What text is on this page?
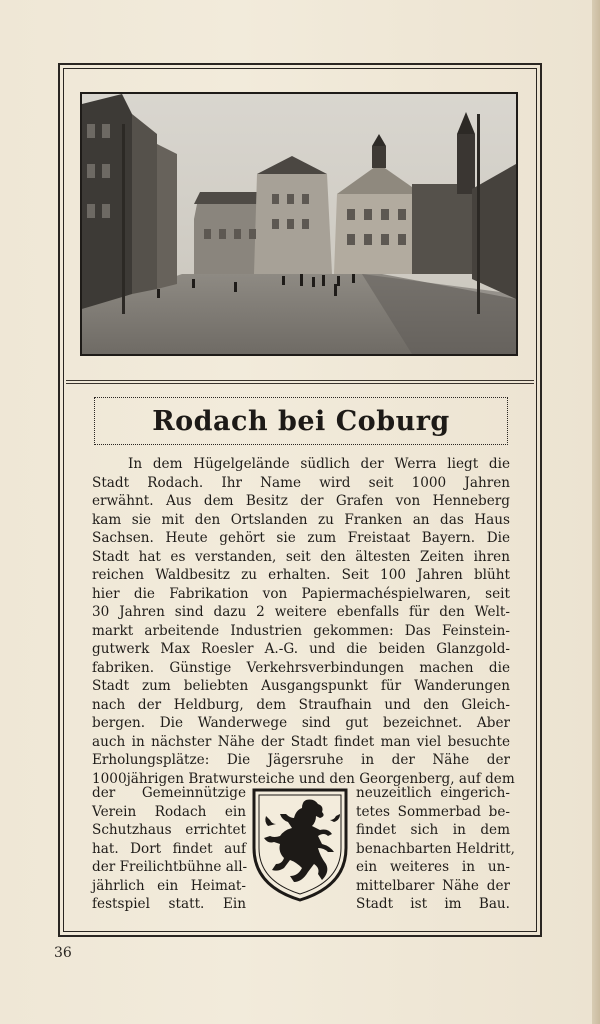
Rodach bei Coburg
In dem Hügelgelände südlich der Werra liegt die
Stadt Rodach. Ihr Name wird seit 1000 Jahren
erwähnt. Aus dem Besitz der Grafen von Henneberg
kam sie mit den Ortslanden zu Franken an das Haus
Sachsen. Heute gehört sie zum Freistaat Bayern. Die
Stadt hat es verstanden, seit den ältesten Zeiten ihren
reichen Waldbesitz zu erhalten. Seit 100 Jahren blüht
hier die Fabrikation von Papiermachéspielwaren, seit
30 Jahren sind dazu 2 weitere ebenfalls für den Welt-
markt arbeitende Industrien gekommen: Das Feinstein-
gutwerk Max Roesler A.-G. und die beiden Glanzgold-
fabriken. Günstige Verkehrsverbindungen machen die
Stadt zum beliebten Ausgangspunkt für Wanderungen
nach der Heldburg, dem Straufhain und den Gleich-
bergen. Die Wanderwege sind gut bezeichnet. Aber
auch in nächster Nähe der Stadt findet man viel besuchte
Erholungsplätze: Die Jägersruhe in der Nähe der
1000jährigen Bratwursteiche und den Georgenberg, auf dem
der Gemeinnützige	neuzeitlich eingerich-
Verein Rodach ein	tetes Sommerbad be-
Schutzhaus errichtet	findet sich in dem
hat. Dort findet auf	benachbarten Heldritt,
der Freilichtbühne all-	ein weiteres in un-
jährlich ein Heimat-	mittelbarer Nähe der
festspiel statt. Ein	Stadt ist im Bau.
36
